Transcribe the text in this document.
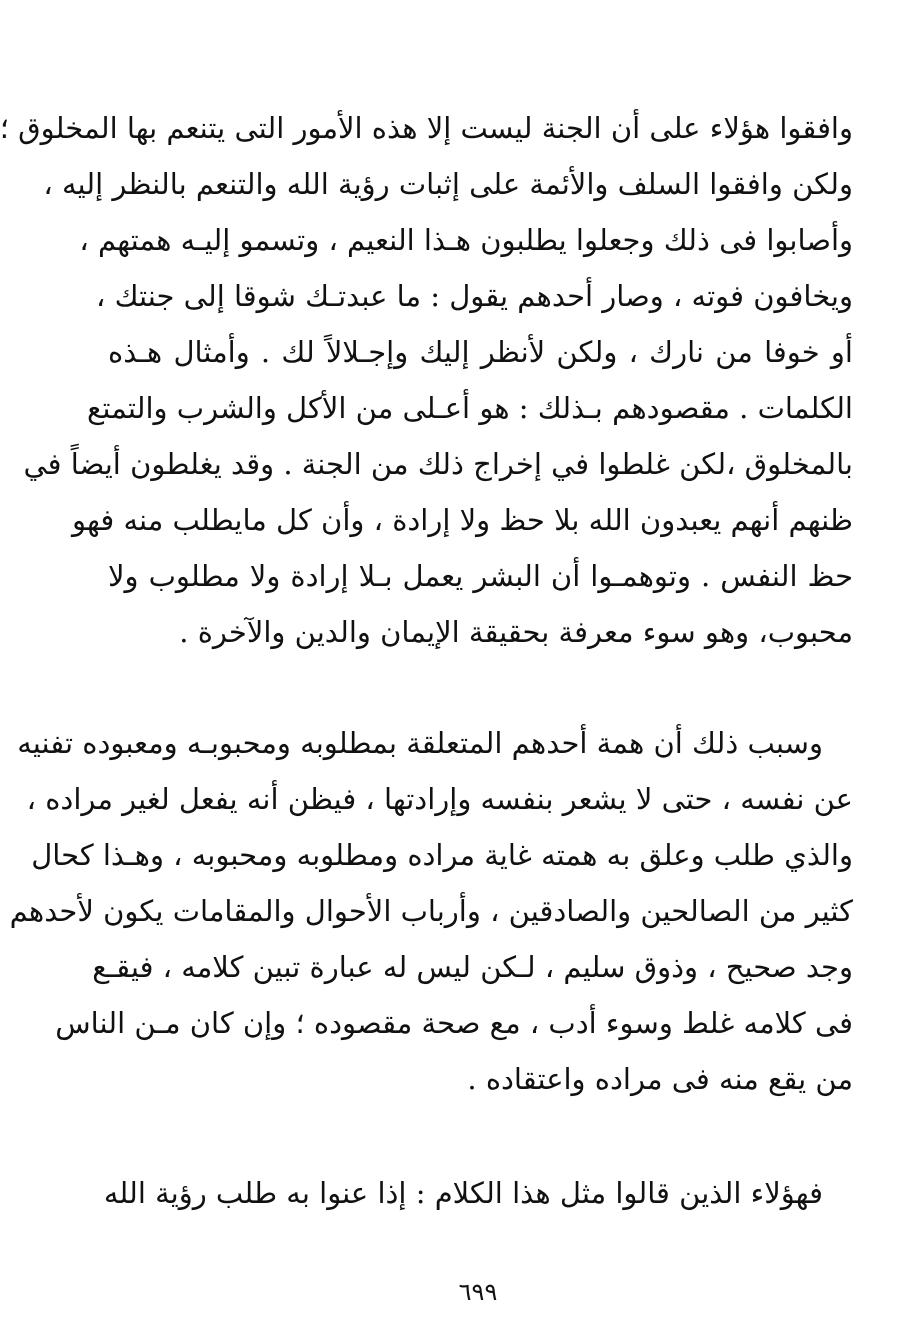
وافقوا هؤلاء على أن الجنة ليست إلا هذه الأمور التى يتنعم بها المخلوق ؛
ولكن وافقوا السلف والأئمة على إثبات رؤية الله والتنعم بالنظر إليه ،
وأصابوا فى ذلك وجعلوا يطلبون هـذا النعيم ، وتسمو إليـه همتهم ،
ويخافون فوته ، وصار أحدهم يقول : ما عبدتـك شوقا إلى جنتك ،
أو خوفا من نارك ، ولكن لأنظر إليك وإجـلالاً لك . وأمثال هـذه
الكلمات . مقصودهم بـذلك : هو أعـلى من الأكل والشرب والتمتع
بالمخلوق ،لكن غلطوا في إخراج ذلك من الجنة . وقد يغلطون أيضاً في
ظنهم أنهم يعبدون الله بلا حظ ولا إرادة ، وأن كل مايطلب منه فهو
حظ النفس . وتوهمـوا أن البشر يعمل بـلا إرادة ولا مطلوب ولا
محبوب، وهو سوء معرفة بحقيقة الإيمان والدين والآخرة .
وسبب ذلك أن همة أحدهم المتعلقة بمطلوبه ومحبوبـه ومعبوده تفنيه
عن نفسه ، حتى لا يشعر بنفسه وإرادتها ، فيظن أنه يفعل لغير مراده ،
والذي طلب وعلق به همته غاية مراده ومطلوبه ومحبوبه ، وهـذا كحال
كثير من الصالحين والصادقين ، وأرباب الأحوال والمقامات يكون لأحدهم
وجد صحيح ، وذوق سليم ، لـكن ليس له عبارة تبين كلامه ، فيقـع
فى كلامه غلط وسوء أدب ، مع صحة مقصوده ؛ وإن كان مـن الناس
من يقع منه فى مراده واعتقاده .
فهؤلاء الذين قالوا مثل هذا الكلام : إذا عنوا به طلب رؤية الله
٦٩٩
